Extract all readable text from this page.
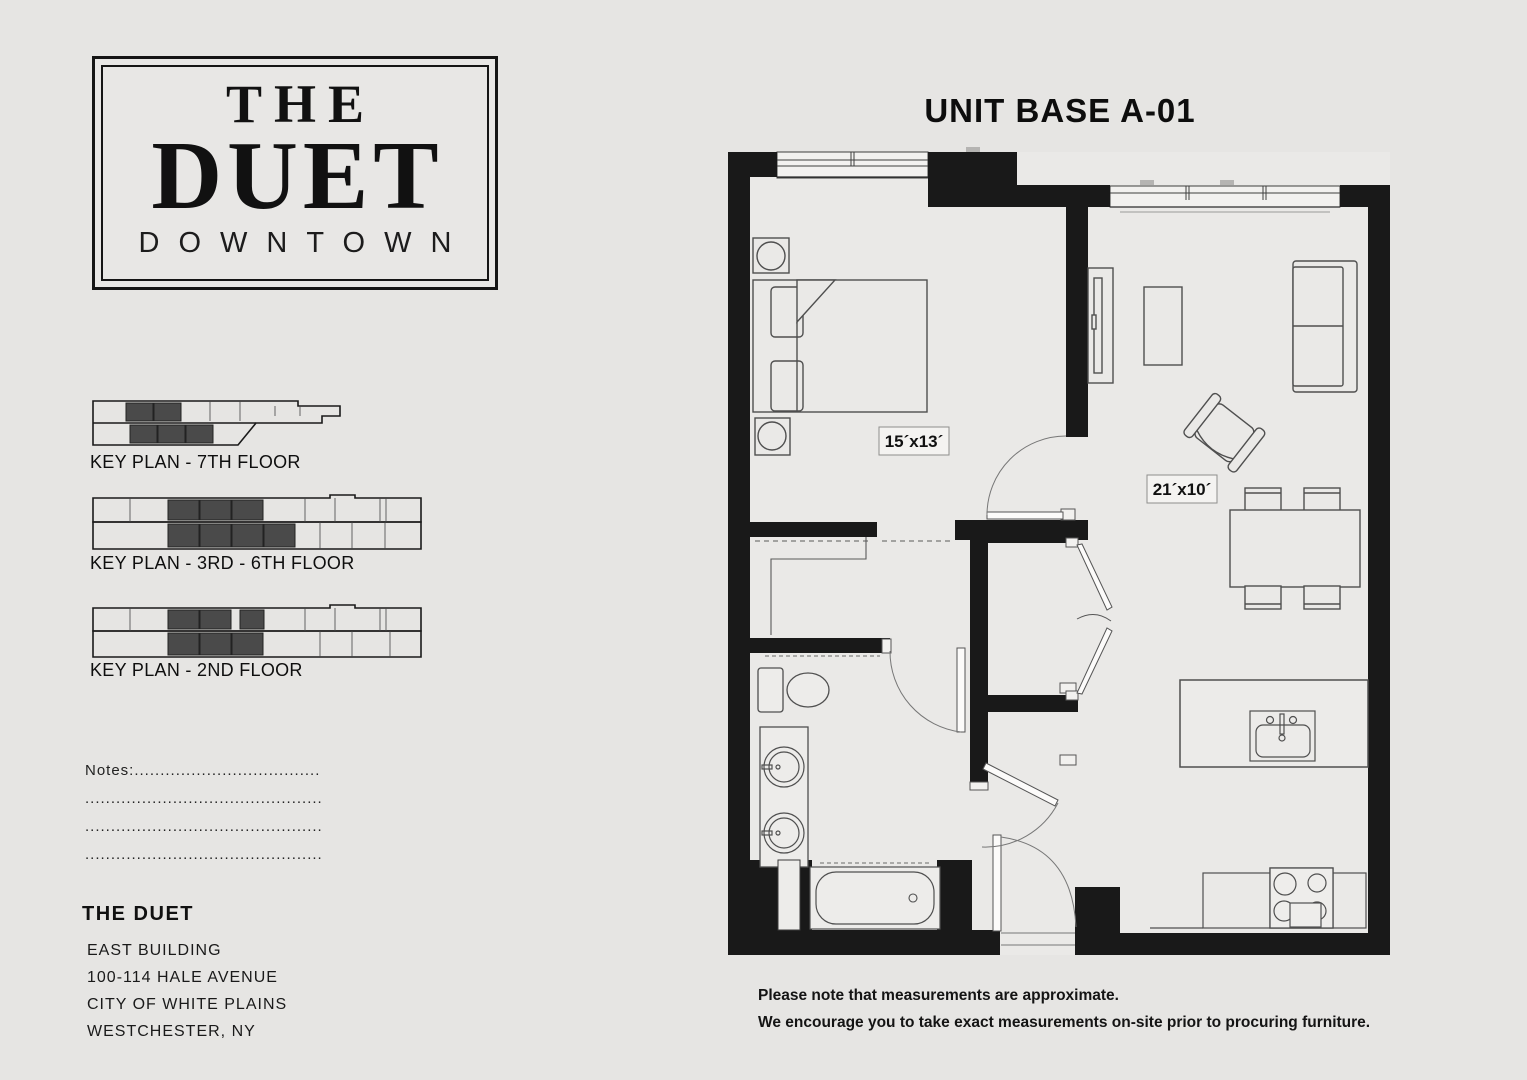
THE
DUET
DOWNTOWN
KEY PLAN - 7TH FLOOR
KEY PLAN - 3RD - 6TH FLOOR
KEY PLAN - 2ND FLOOR
Notes:....................................
..............................................
..............................................
..............................................
THE DUET
EAST BUILDING
100-114 HALE AVENUE
CITY OF WHITE PLAINS
WESTCHESTER, NY
UNIT BASE A-01
15´x13´
21´x10´
Please note that measurements are approximate.
We encourage you to take exact measurements on-site prior to procuring furniture.
